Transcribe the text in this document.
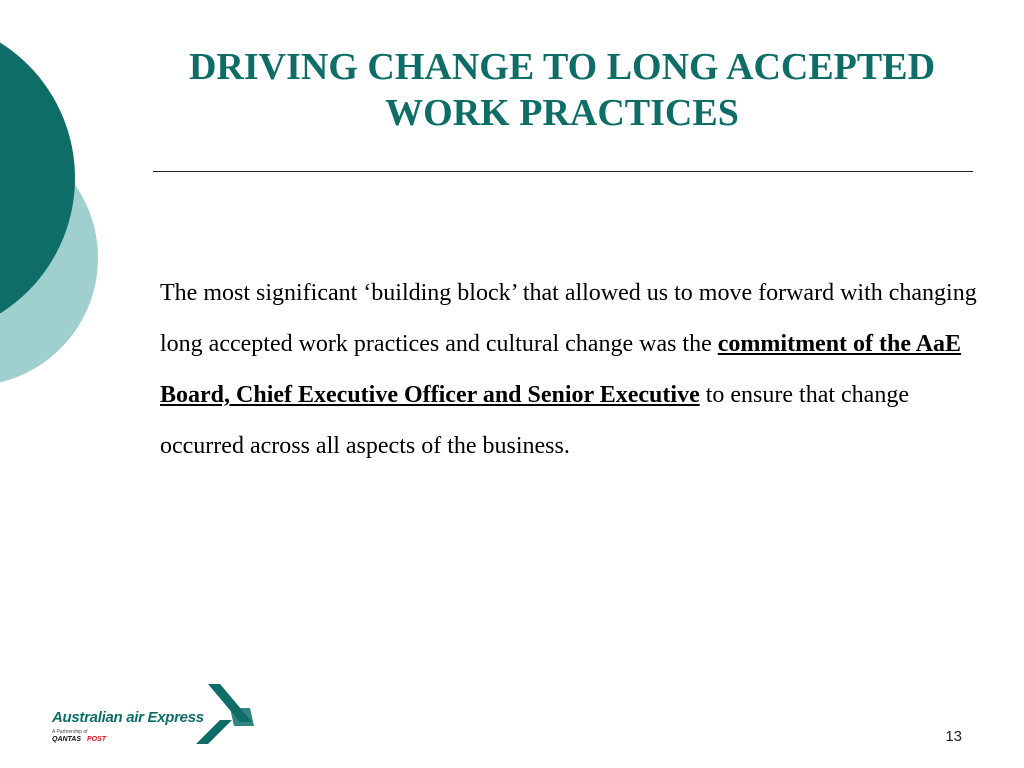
DRIVING CHANGE TO LONG ACCEPTED
WORK PRACTICES

The most significant ‘building block’ that allowed us to move forward with changing long accepted work practices and cultural change was the commitment of the AaE Board, Chief Executive Officer and Senior Executive to ensure that change occurred across all aspects of the business.

Australian air Express
A Partnership of
QANTAS POST	13
